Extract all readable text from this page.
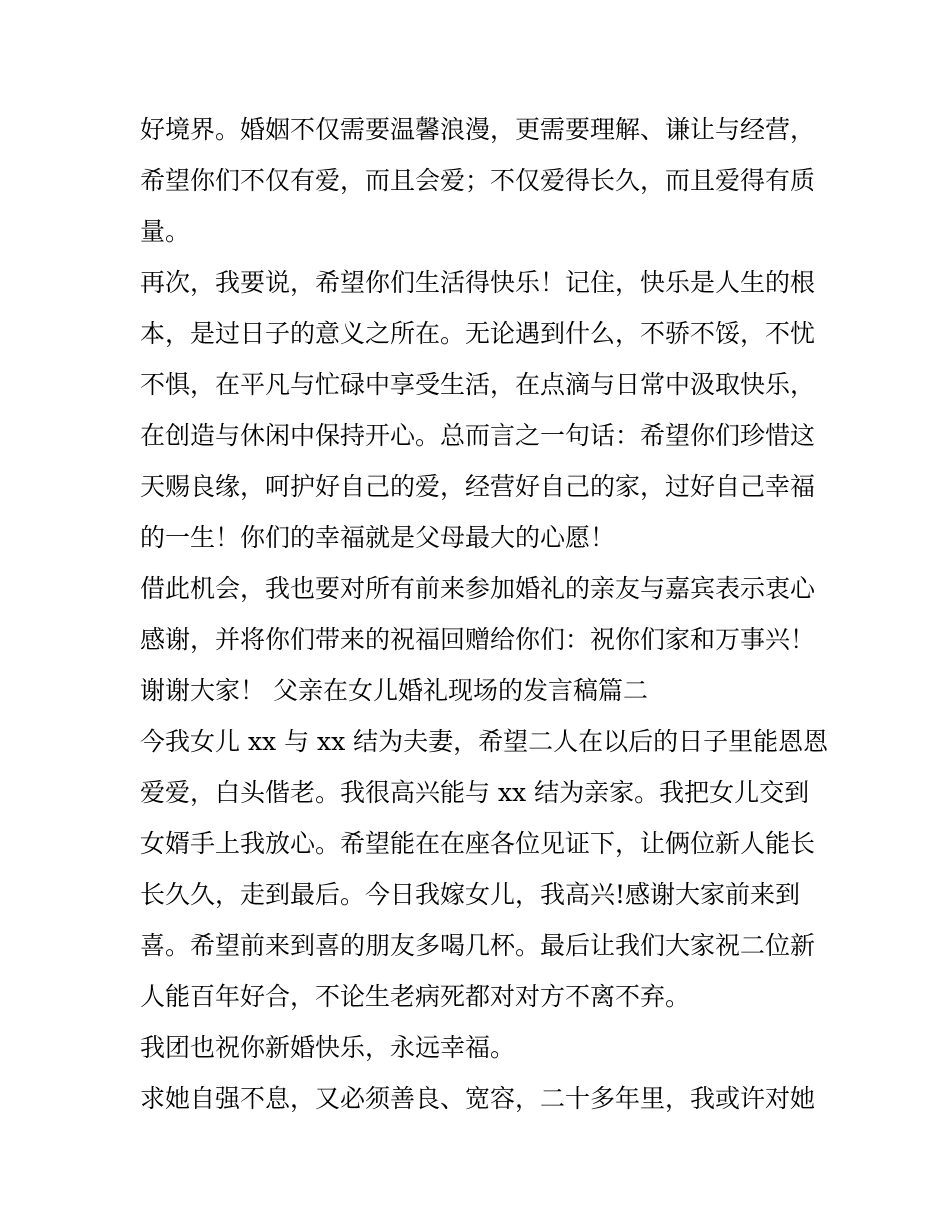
好境界。婚姻不仅需要温馨浪漫，更需要理解、谦让与经营，
希望你们不仅有爱，而且会爱；不仅爱得长久，而且爱得有质
量。
再次，我要说，希望你们生活得快乐！记住，快乐是人生的根
本，是过日子的意义之所在。无论遇到什么，不骄不馁，不忧
不惧，在平凡与忙碌中享受生活，在点滴与日常中汲取快乐，
在创造与休闲中保持开心。总而言之一句话：希望你们珍惜这
天赐良缘，呵护好自己的爱，经营好自己的家，过好自己幸福
的一生！你们的幸福就是父母最大的心愿！
借此机会，我也要对所有前来参加婚礼的亲友与嘉宾表示衷心
感谢，并将你们带来的祝福回赠给你们：祝你们家和万事兴！
谢谢大家！ 父亲在女儿婚礼现场的发言稿篇二
今我女儿 xx 与 xx 结为夫妻，希望二人在以后的日子里能恩恩
爱爱，白头偕老。我很高兴能与 xx 结为亲家。我把女儿交到
女婿手上我放心。希望能在在座各位见证下，让俩位新人能长
长久久，走到最后。今日我嫁女儿，我高兴!感谢大家前来到
喜。希望前来到喜的朋友多喝几杯。最后让我们大家祝二位新
人能百年好合，不论生老病死都对对方不离不弃。
我团也祝你新婚快乐，永远幸福。
求她自强不息，又必须善良、宽容，二十多年里，我或许对她
